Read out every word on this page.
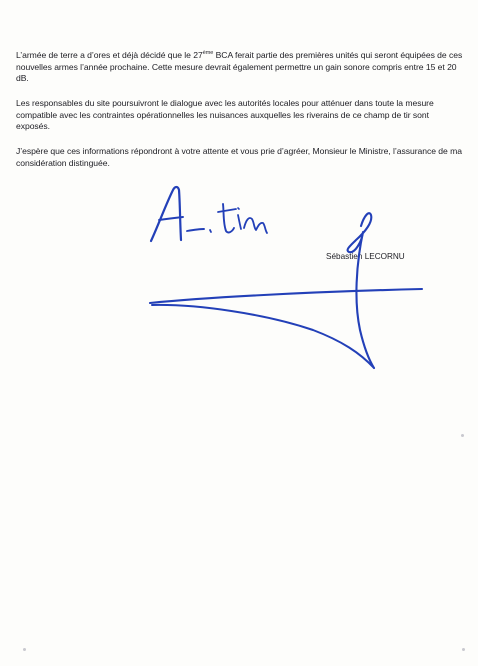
L’armée de terre a d’ores et déjà décidé que le 27ème BCA ferait partie des premières unités qui seront équipées de ces nouvelles armes l’année prochaine. Cette mesure devrait également permettre un gain sonore compris entre 15 et 20 dB.

Les responsables du site poursuivront le dialogue avec les autorités locales pour atténuer dans toute la mesure compatible avec les contraintes opérationnelles les nuisances auxquelles les riverains de ce champ de tir sont exposés.

J’espère que ces informations répondront à votre attente et vous prie d’agréer, Monsieur le Ministre, l’assurance de ma considération distinguée.

Sébastien LECORNU
